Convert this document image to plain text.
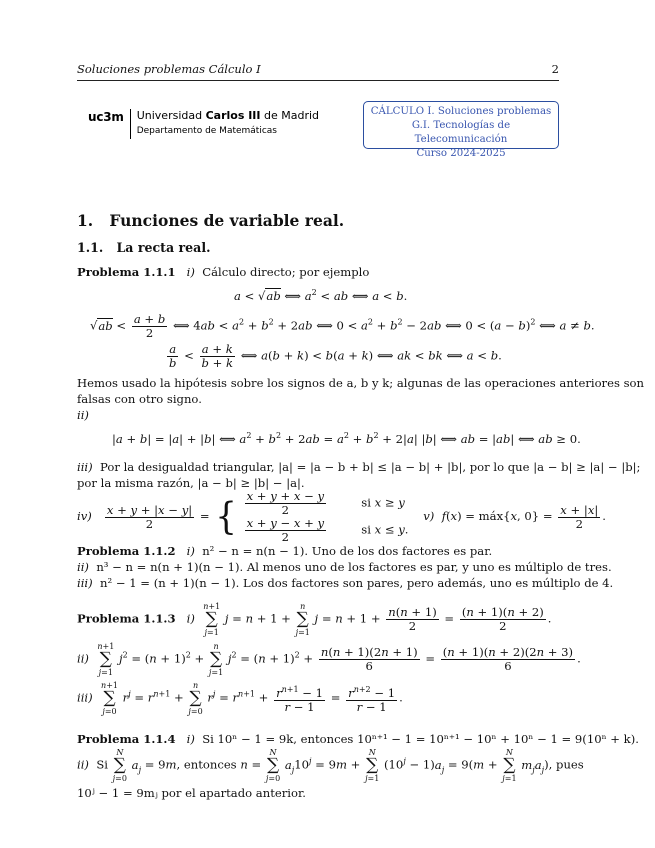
Soluciones problemas Cálculo I	2
uc3m Universidad Carlos III de Madrid
Departamento de Matemáticas
CÁLCULO I. Soluciones problemas
G.I. Tecnologías de Telecomunicación
Curso 2024-2025
1. Funciones de variable real.
1.1. La recta real.
Problema 1.1.1 i) Cálculo directo; por ejemplo
a < √ab ⟺ $a^2$ < ab ⟺ a < b.
$√ab < \frac{a + b}{2}$ ⟺ $4ab < a^2 + b^2 + 2ab$ ⟺ $0 < a^2 + b^2 - 2ab$ ⟺ $0 < (a - b)^2$ ⟺ a ≠ b.
$\frac{a}{b} < \frac{a + k}{b + k}$ ⟺ a(b + k) < b(a + k) ⟺ ak < bk ⟺ a < b.
Hemos usado la hipótesis sobre los signos de a, b y k; algunas de las operaciones anteriores son
falsas con otro signo.
ii)
|a + b| = |a| + |b| ⟺ $a^2 + b^2 + 2ab = a^2 + b^2 + 2|a|$ |b| ⟺ ab = |ab| ⟺ ab ≥ 0.
iii) Por la desigualdad triangular, |a| = |a − b + b| ≤ |a − b| + |b|, por lo que |a − b| ≥ |a| − |b|;
por la misma razón, |a − b| ≥ |b| − |a|.
$iv) \frac{x + y + |x - y|}{2}$ = { $\frac{x + y + x - y}{2}$ si x ≥ y
$\frac{x + y - x + y}{2}$ si x ≤ y.
v) f(x) = máx{x, $0\} = \frac{x + |x|}{2}$ .
Problema 1.1.2 i) n² − n = n(n − 1). Uno de los dos factores es par.
ii) n³ − n = n(n + 1)(n − 1). Al menos uno de los factores es par, y uno es múltiplo de tres.
iii) n² − 1 = (n + 1)(n − 1). Los dos factores son pares, pero además, uno es múltiplo de 4.
Problema 1.1.3 i)
n+1
∑
j=1
j = n + 1 +
n
∑
j=1
$j = n + 1 + \frac{n(n + 1)}{2} = \frac{(n + 1)(n + 2)}{2}$ .
ii)
n+1
∑
j=1
$j^2 = (n + 1)^2$ +
n
∑
j=1
$j^2 = (n + 1)^2 + \frac{n(n + 1)(2n + 1)}{6} = \frac{(n + 1)(n + 2)(2n + 3)}{6}$ .
iii)
n+1
∑
j=0
$r^j = r^{n+1}$ +
n
∑
j=0
$r^j = r^{n+1} + \frac{r^{n+1} - 1}{r - 1} = \frac{r^{n+2} - 1}{r - 1}$ .
Problema 1.1.4 i) Si 10ⁿ − 1 = 9k, entonces 10ⁿ⁺¹ − 1 = 10ⁿ⁺¹ − 10ⁿ + 10ⁿ − 1 = 9(10ⁿ + k).
ii)  Si
N
∑
j=0
$a_j = 9m$, entonces n =
N
∑
j=0
$a_j10^j = 9m$ +
N
∑
j=1
$(10^j - 1)a_j = 9(m$ +
N
∑
j=1
$m_ja_j$), pues
10ʲ − 1 = 9mⱼ por el apartado anterior.
